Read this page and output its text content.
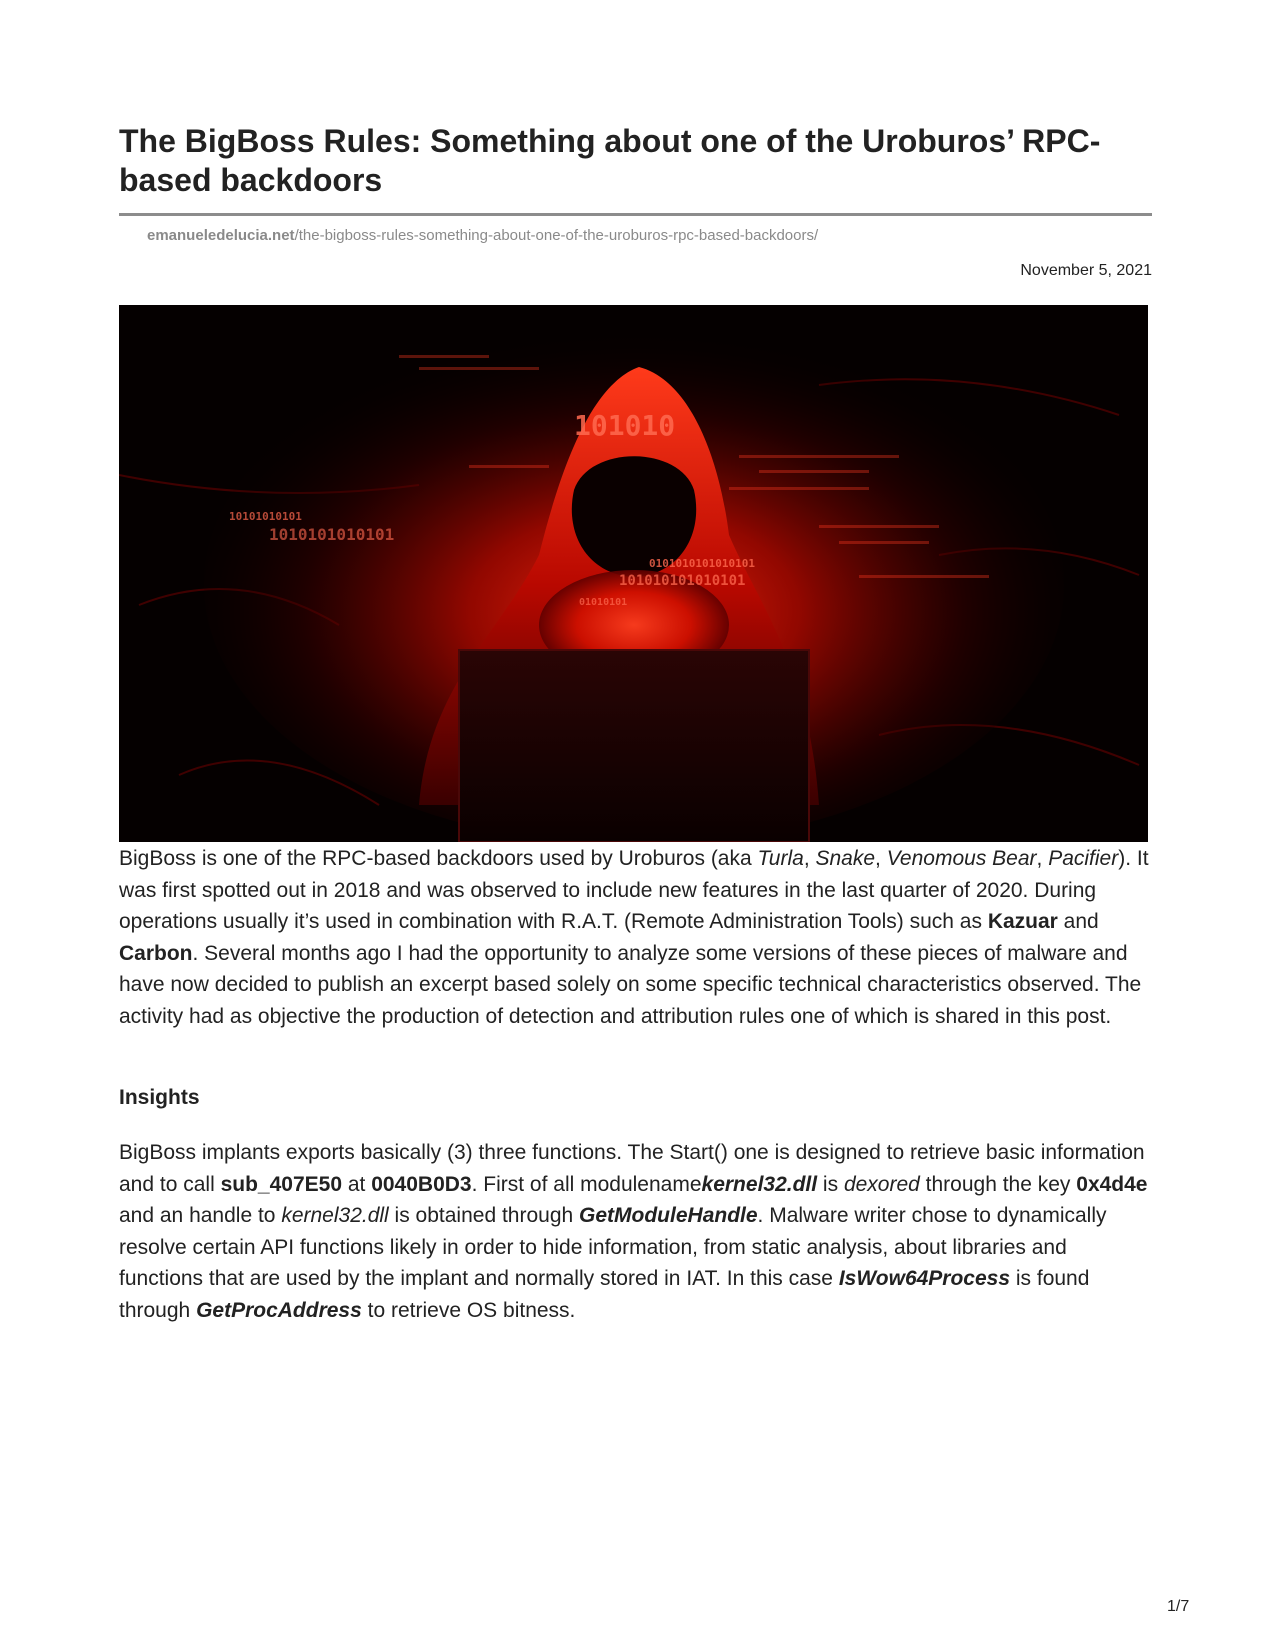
The BigBoss Rules: Something about one of the Uroburos’ RPC-based backdoors
emanueledelucia.net/the-bigboss-rules-something-about-one-of-the-uroburos-rpc-based-backdoors/
November 5, 2021
101010
10101010101
1010101010101
0101010101010101
101010101010101
01010101

BigBoss is one of the RPC-based backdoors used by Uroburos (aka Turla, Snake, Venomous Bear, Pacifier). It was first spotted out in 2018 and was observed to include new features in the last quarter of 2020. During operations usually it’s used in combination with R.A.T. (Remote Administration Tools) such as Kazuar and Carbon. Several months ago I had the opportunity to analyze some versions of these pieces of malware and have now decided to publish an excerpt based solely on some specific technical characteristics observed. The activity had as objective the production of detection and attribution rules one of which is shared in this post.

Insights

BigBoss implants exports basically (3) three functions. The Start() one is designed to retrieve basic information and to call sub_407E50 at 0040B0D3. First of all modulenamekernel32.dll is dexored through the key 0x4d4e and an handle to kernel32.dll is obtained through GetModuleHandle. Malware writer chose to dynamically resolve certain API functions likely in order to hide information, from static analysis, about libraries and functions that are used by the implant and normally stored in IAT. In this case IsWow64Process is found through GetProcAddress to retrieve OS bitness.

1/7
